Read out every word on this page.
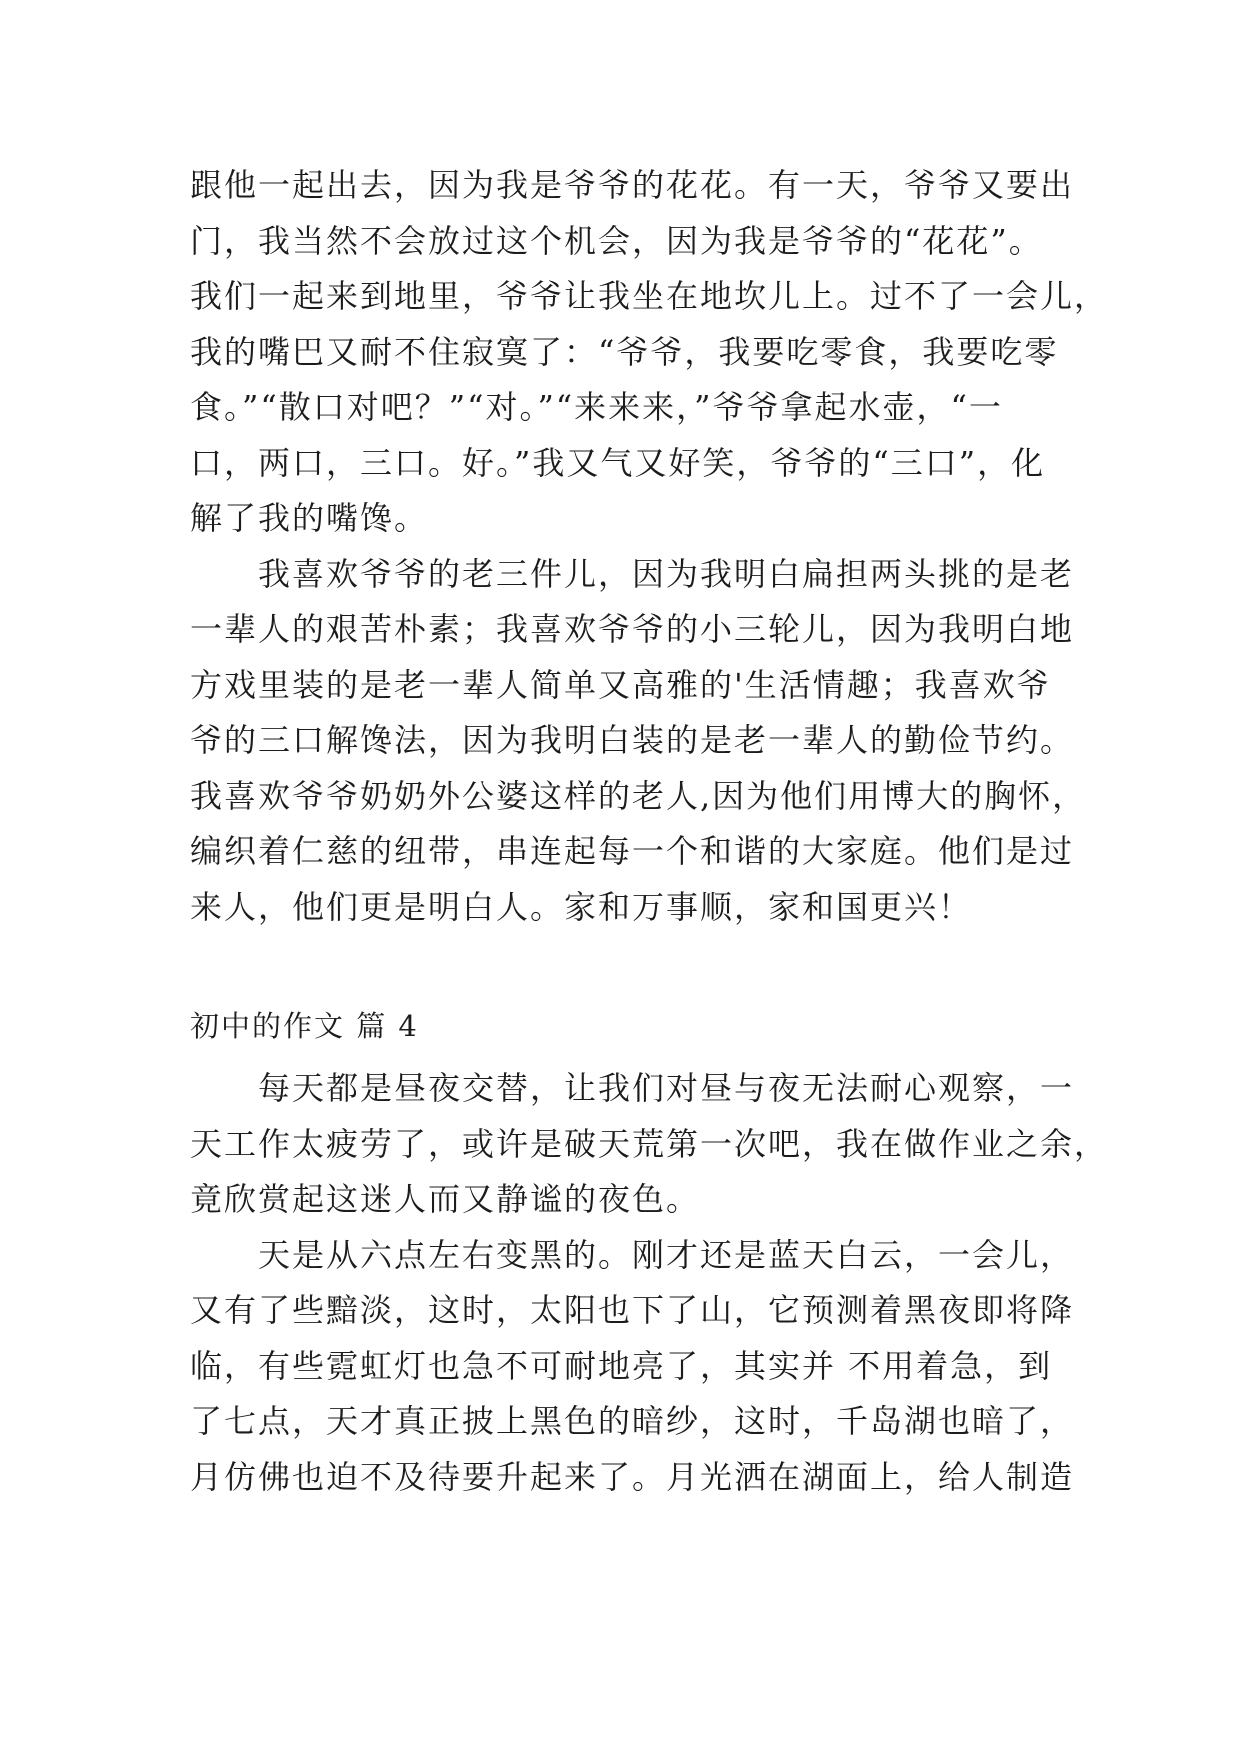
跟他一起出去，因为我是爷爷的花花。有一天，爷爷又要出
门，我当然不会放过这个机会，因为我是爷爷的“花花”。
我们一起来到地里，爷爷让我坐在地坎儿上。过不了一会儿，
我的嘴巴又耐不住寂寞了：“爷爷，我要吃零食，我要吃零
食。”“散口对吧？”“对。”“来来来，”爷爷拿起水壶，“一
口，两口，三口。好。”我又气又好笑，爷爷的“三口”，化
解了我的嘴馋。
我喜欢爷爷的老三件儿，因为我明白扁担两头挑的是老
一辈人的艰苦朴素；我喜欢爷爷的小三轮儿，因为我明白地
方戏里装的是老一辈人简单又高雅的'生活情趣；我喜欢爷
爷的三口解馋法，因为我明白装的是老一辈人的勤俭节约。
我喜欢爷爷奶奶外公婆这样的老人,因为他们用博大的胸怀，
编织着仁慈的纽带，串连起每一个和谐的大家庭。他们是过
来人，他们更是明白人。家和万事顺，家和国更兴！
初中的作文 篇 4
每天都是昼夜交替，让我们对昼与夜无法耐心观察，一
天工作太疲劳了，或许是破天荒第一次吧，我在做作业之余，
竟欣赏起这迷人而又静谧的夜色。
天是从六点左右变黑的。刚才还是蓝天白云，一会儿，
又有了些黯淡，这时，太阳也下了山，它预测着黑夜即将降
临，有些霓虹灯也急不可耐地亮了，其实并 不用着急，到
了七点，天才真正披上黑色的暗纱，这时，千岛湖也暗了，
月仿佛也迫不及待要升起来了。月光洒在湖面上，给人制造
